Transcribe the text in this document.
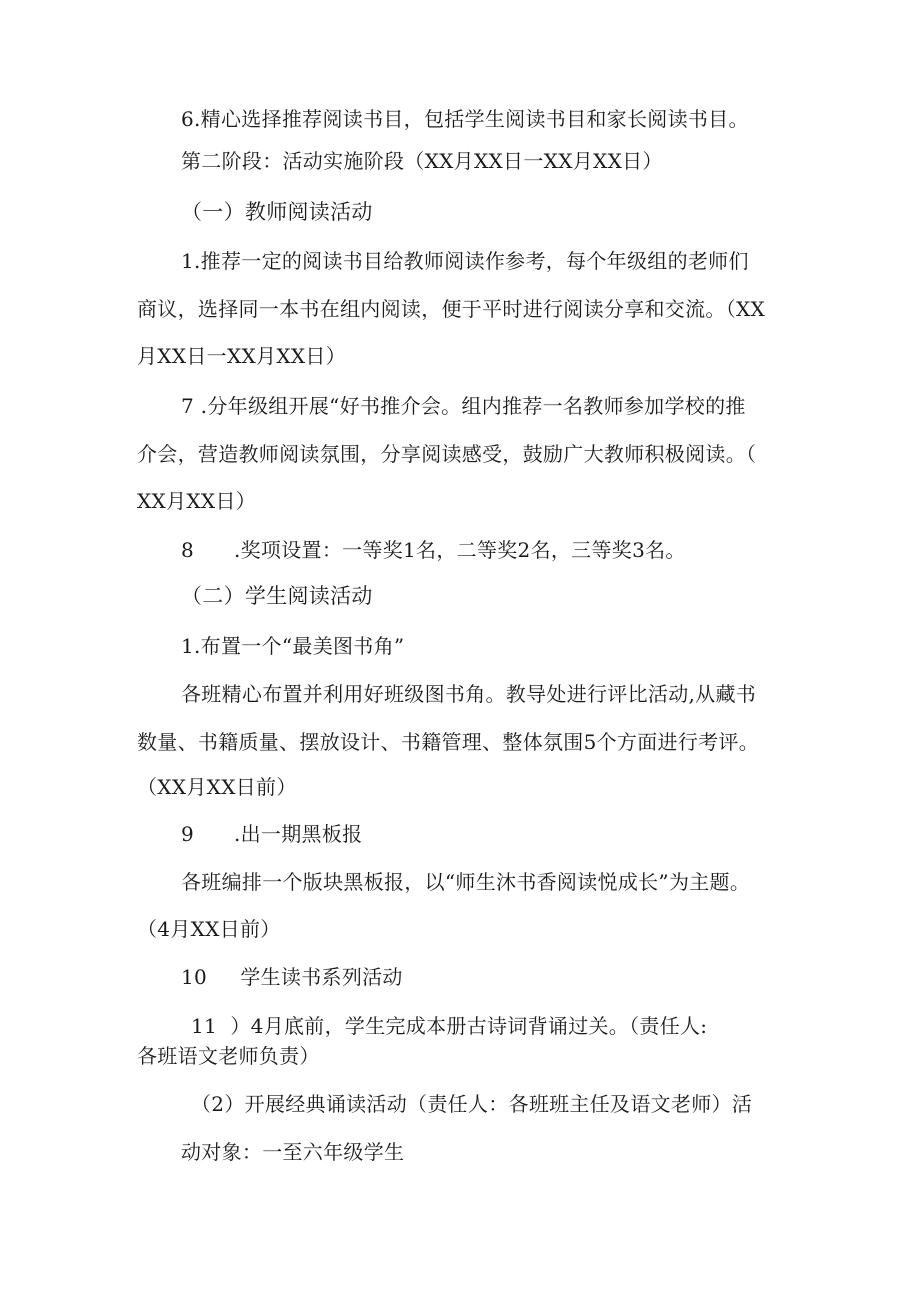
6.精心选择推荐阅读书目，包括学生阅读书目和家长阅读书目。

第二阶段：活动实施阶段（XX月XX日一XX月XX日）

（一）教师阅读活动

1.推荐一定的阅读书目给教师阅读作参考，每个年级组的老师们

商议，选择同一本书在组内阅读，便于平时进行阅读分享和交流。（XX

月XX日一XX月XX日）

7 .分年级组开展“好书推介会。组内推荐一名教师参加学校的推

介会，营造教师阅读氛围，分享阅读感受，鼓励广大教师积极阅读。（

XX月XX日）

8      .奖项设置：一等奖1名，二等奖2名，三等奖3名。

（二）学生阅读活动

1.布置一个“最美图书角”

各班精心布置并利用好班级图书角。教导处进行评比活动,从藏书

数量、书籍质量、摆放设计、书籍管理、整体氛围5个方面进行考评。

（XX月XX日前）

9      .出一期黑板报

各班编排一个版块黑板报，以“师生沐书香阅读悦成长”为主题。

（4月XX日前）

10     学生读书系列活动

11  ）4月底前，学生完成本册古诗词背诵过关。（责任人:

各班语文老师负责）

（2）开展经典诵读活动（责任人：各班班主任及语文老师）活

动对象：一至六年级学生
